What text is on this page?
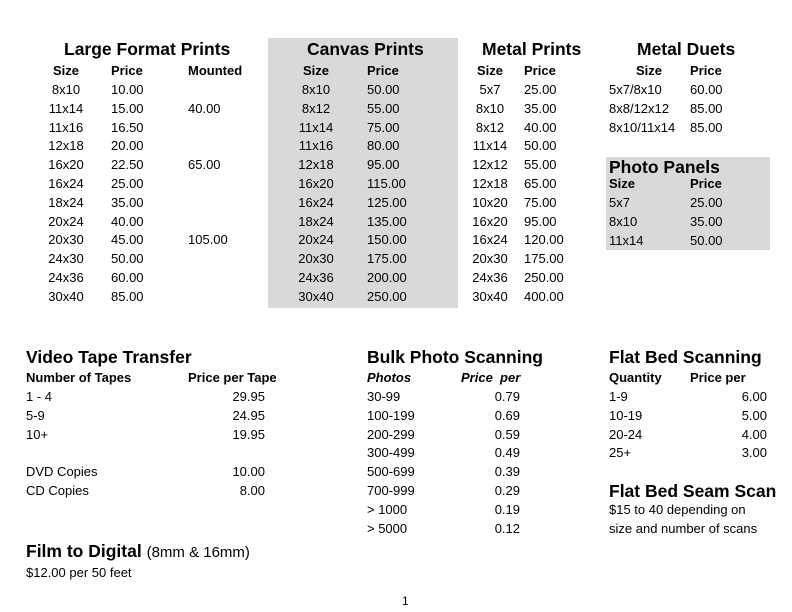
Large Format Prints
Size	Price	Mounted
8x10	10.00
11x14	15.00	40.00
11x16	16.50
12x18	20.00
16x20	22.50	65.00
16x24	25.00
18x24	35.00
20x24	40.00
20x30	45.00	105.00
24x30	50.00
24x36	60.00
30x40	85.00
Canvas Prints
Size	Price
8x10	50.00
8x12	55.00
11x14	75.00
11x16	80.00
12x18	95.00
16x20	115.00
16x24	125.00
18x24	135.00
20x24	150.00
20x30	175.00
24x36	200.00
30x40	250.00
Metal Prints
Size	Price
5x7	25.00
8x10	35.00
8x12	40.00
11x14	50.00
12x12	55.00
12x18	65.00
10x20	75.00
16x20	95.00
16x24	120.00
20x30	175.00
24x36	250.00
30x40	400.00
Metal Duets
Size Price
5x7/8x10 60.00
8x8/12x12 85.00
8x10/11x14 85.00
Photo Panels
Size	Price
5x7	25.00
8x10	35.00
11x14	50.00
Video Tape Transfer
Number of Tapes	Price per Tape
1 - 4	29.95
5-9	24.95
10+	19.95
DVD Copies	10.00
CD Copies	8.00
Film to Digital (8mm & 16mm)
$12.00 per 50 feet
Bulk Photo Scanning
Photos	Price  per
30-99	0.79
100-199	0.69
200-299	0.59
300-499	0.49
500-699	0.39
700-999	0.29
> 1000	0.19
> 5000	0.12
Flat Bed Scanning
Quantity Price per
1-9	6.00
10-19	5.00
20-24	4.00
25+	3.00
Flat Bed Seam Scan
$15 to 40 depending on
size and number of scans
1
